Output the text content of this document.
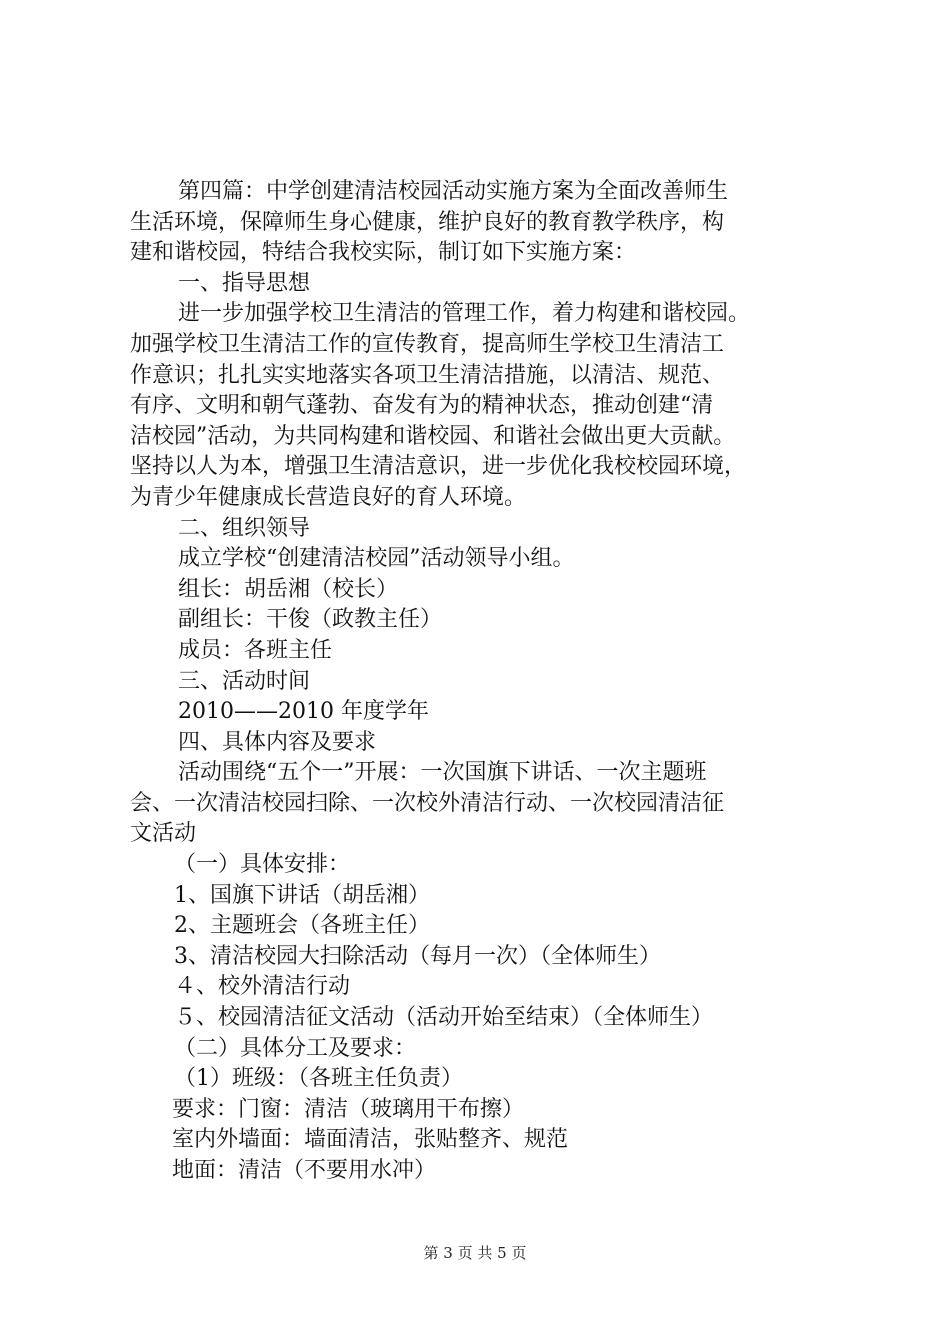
第四篇：中学创建清洁校园活动实施方案为全面改善师生
生活环境，保障师生身心健康，维护良好的教育教学秩序，构
建和谐校园，特结合我校实际，制订如下实施方案：
一、指导思想
进一步加强学校卫生清洁的管理工作，着力构建和谐校园。
加强学校卫生清洁工作的宣传教育，提高师生学校卫生清洁工
作意识；扎扎实实地落实各项卫生清洁措施，以清洁、规范、
有序、文明和朝气蓬勃、奋发有为的精神状态，推动创建“清
洁校园”活动，为共同构建和谐校园、和谐社会做出更大贡献。
坚持以人为本，增强卫生清洁意识，进一步优化我校校园环境，
为青少年健康成长营造良好的育人环境。
二、组织领导
成立学校“创建清洁校园”活动领导小组。
组长：胡岳湘（校长）
副组长：干俊（政教主任）
成员：各班主任
三、活动时间
2010——2010 年度学年
四、具体内容及要求
活动围绕“五个一”开展：一次国旗下讲话、一次主题班
会、一次清洁校园扫除、一次校外清洁行动、一次校园清洁征
文活动
（一）具体安排：
1、国旗下讲话（胡岳湘）
2、主题班会（各班主任）
3、清洁校园大扫除活动（每月一次）（全体师生）
４、校外清洁行动
５、校园清洁征文活动（活动开始至结束）（全体师生）
（二）具体分工及要求：
（1）班级：（各班主任负责）
要求：门窗：清洁（玻璃用干布擦）
室内外墙面：墙面清洁，张贴整齐、规范
地面：清洁（不要用水冲）
第 3 页 共 5 页
